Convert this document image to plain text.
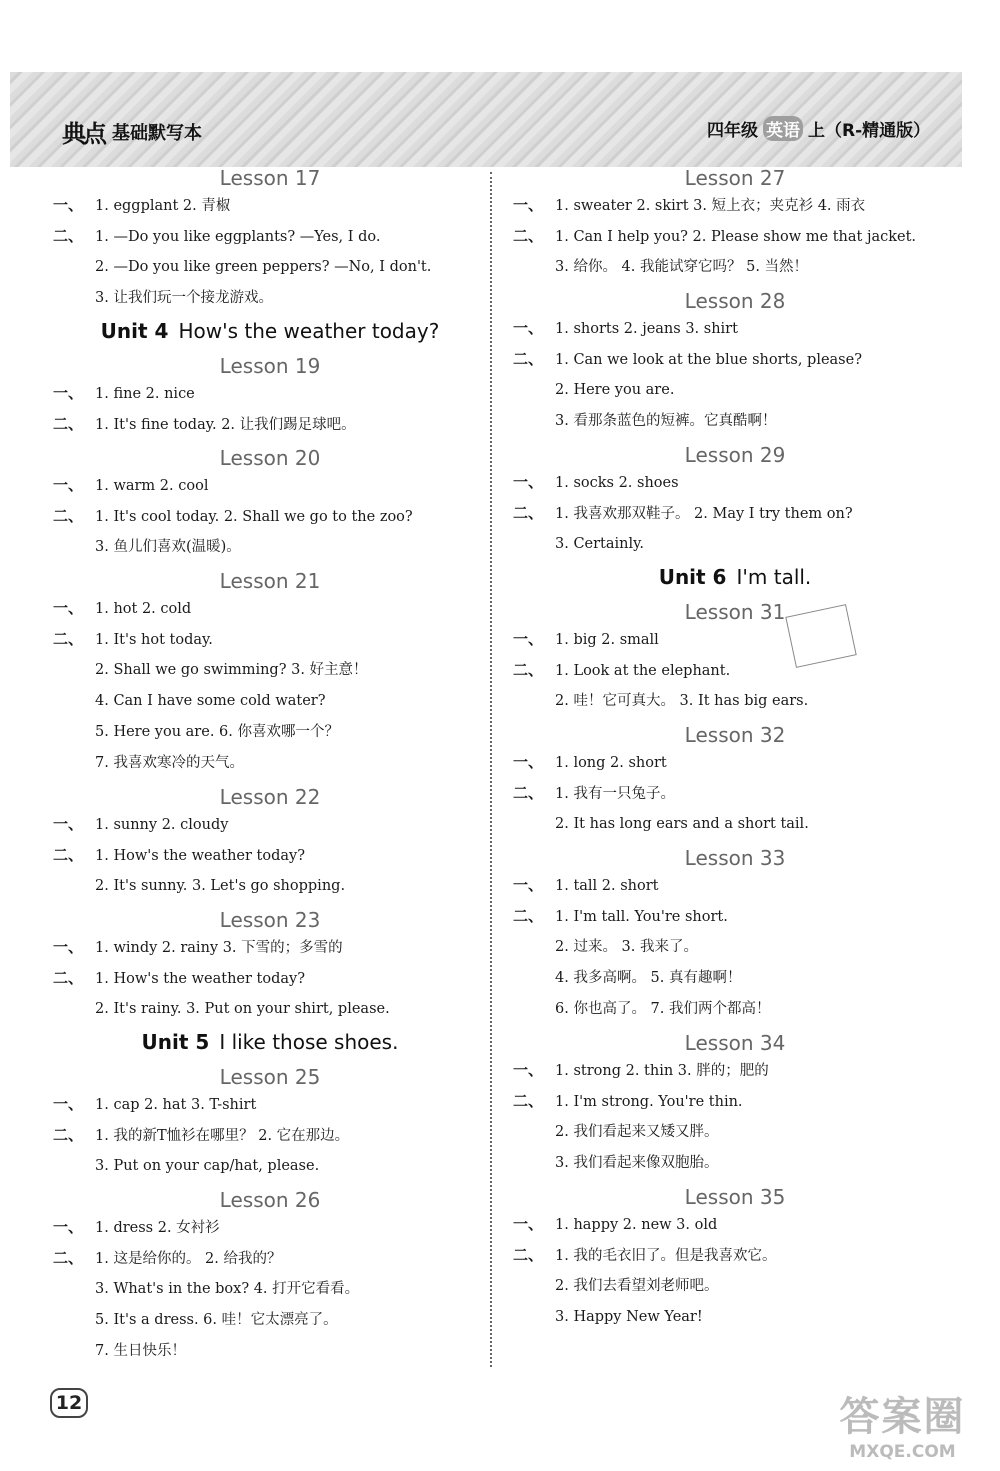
典点 基础默写本	四年级 英语 上（R-精通版）
Lesson 17
一、 1. eggplant 2. 青椒
二、 1. —Do you like eggplants? —Yes, I do.
2. —Do you like green peppers? —No, I don't.
3. 让我们玩一个接龙游戏。
Unit 4 How's the weather today?
Lesson 19
一、 1. fine 2. nice
二、 1. It's fine today. 2. 让我们踢足球吧。
Lesson 20
一、 1. warm 2. cool
二、 1. It's cool today. 2. Shall we go to the zoo?
3. 鱼儿们喜欢(温暖)。
Lesson 21
一、 1. hot 2. cold
二、 1. It's hot today.
2. Shall we go swimming? 3. 好主意！
4. Can I have some cold water?
5. Here you are. 6. 你喜欢哪一个？
7. 我喜欢寒冷的天气。
Lesson 22
一、 1. sunny 2. cloudy
二、 1. How's the weather today?
2. It's sunny. 3. Let's go shopping.
Lesson 23
一、 1. windy 2. rainy 3. 下雪的；多雪的
二、 1. How's the weather today?
2. It's rainy. 3. Put on your shirt, please.
Unit 5 I like those shoes.
Lesson 25
一、 1. cap 2. hat 3. T-shirt
二、 1. 我的新T恤衫在哪里？ 2. 它在那边。
3. Put on your cap/hat, please.
Lesson 26
一、 1. dress 2. 女衬衫
二、 1. 这是给你的。 2. 给我的？
3. What's in the box? 4. 打开它看看。
5. It's a dress. 6. 哇！它太漂亮了。
7. 生日快乐！
Lesson 27
一、 1. sweater 2. skirt 3. 短上衣；夹克衫 4. 雨衣
二、 1. Can I help you? 2. Please show me that jacket.
3. 给你。 4. 我能试穿它吗？ 5. 当然！
Lesson 28
一、 1. shorts 2. jeans 3. shirt
二、 1. Can we look at the blue shorts, please?
2. Here you are.
3. 看那条蓝色的短裤。它真酷啊！
Lesson 29
一、 1. socks 2. shoes
二、 1. 我喜欢那双鞋子。 2. May I try them on?
3. Certainly.
Unit 6 I'm tall.
Lesson 31
一、 1. big 2. small
二、 1. Look at the elephant.
2. 哇！它可真大。 3. It has big ears.
Lesson 32
一、 1. long 2. short
二、 1. 我有一只兔子。
2. It has long ears and a short tail.
Lesson 33
一、 1. tall 2. short
二、 1. I'm tall. You're short.
2. 过来。 3. 我来了。
4. 我多高啊。 5. 真有趣啊！
6. 你也高了。 7. 我们两个都高！
Lesson 34
一、 1. strong 2. thin 3. 胖的；肥的
二、 1. I'm strong. You're thin.
2. 我们看起来又矮又胖。
3. 我们看起来像双胞胎。
Lesson 35
一、 1. happy 2. new 3. old
二、 1. 我的毛衣旧了。但是我喜欢它。
2. 我们去看望刘老师吧。
3. Happy New Year!
12	答案圈
MXQE.COM
